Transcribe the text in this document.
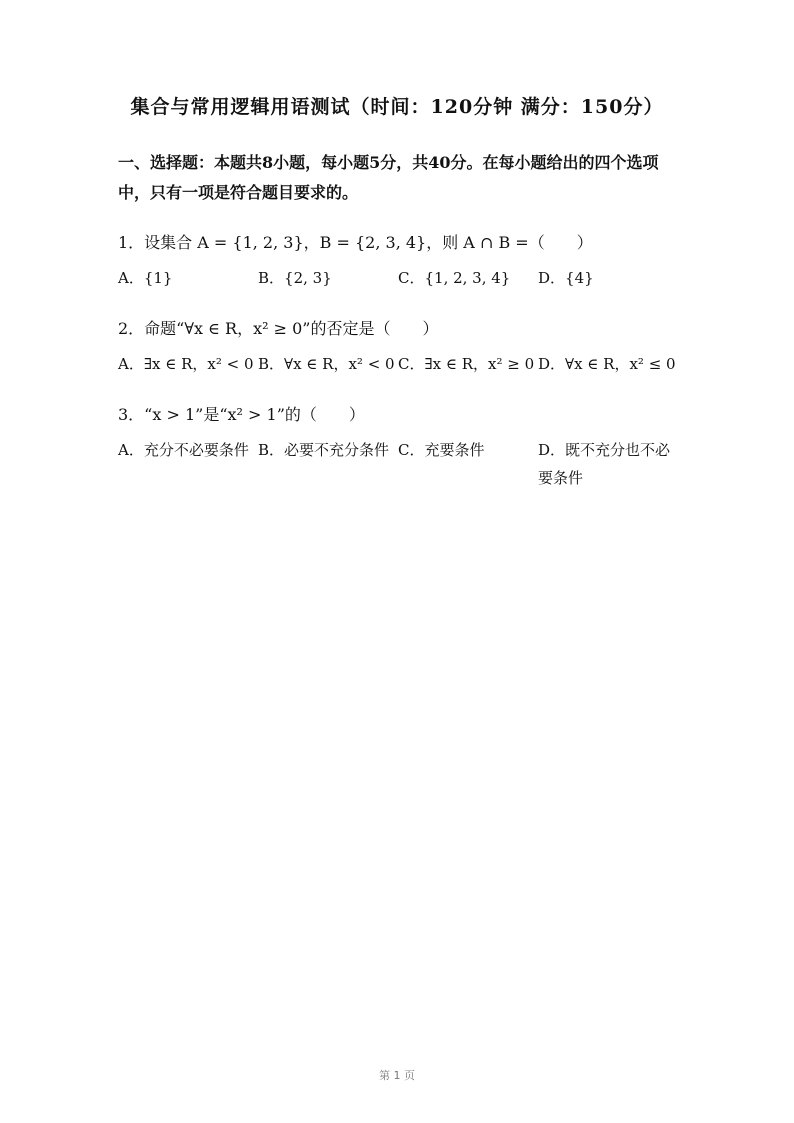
集合与常用逻辑用语测试（时间：120分钟 满分：150分）
一、选择题：本题共8小题，每小题5分，共40分。在每小题给出的四个选项中，只有一项是符合题目要求的。
1．设集合 A = {1, 2, 3}，B = {2, 3, 4}，则 A ∩ B =（　　）
A．{1}	B．{2, 3}	C．{1, 2, 3, 4}	D．{4}
2．命题“∀x ∈ R，x² ≥ 0”的否定是（　　）
A．∃x ∈ R，x² < 0 B．∀x ∈ R，x² < 0 C．∃x ∈ R，x² ≥ 0 D．∀x ∈ R，x² ≤ 0
3．“x > 1”是“x² > 1”的（　　）
A．充分不必要条件 B．必要不充分条件 C．充要条件	D．既不充分也不必要条件
第 1 页
